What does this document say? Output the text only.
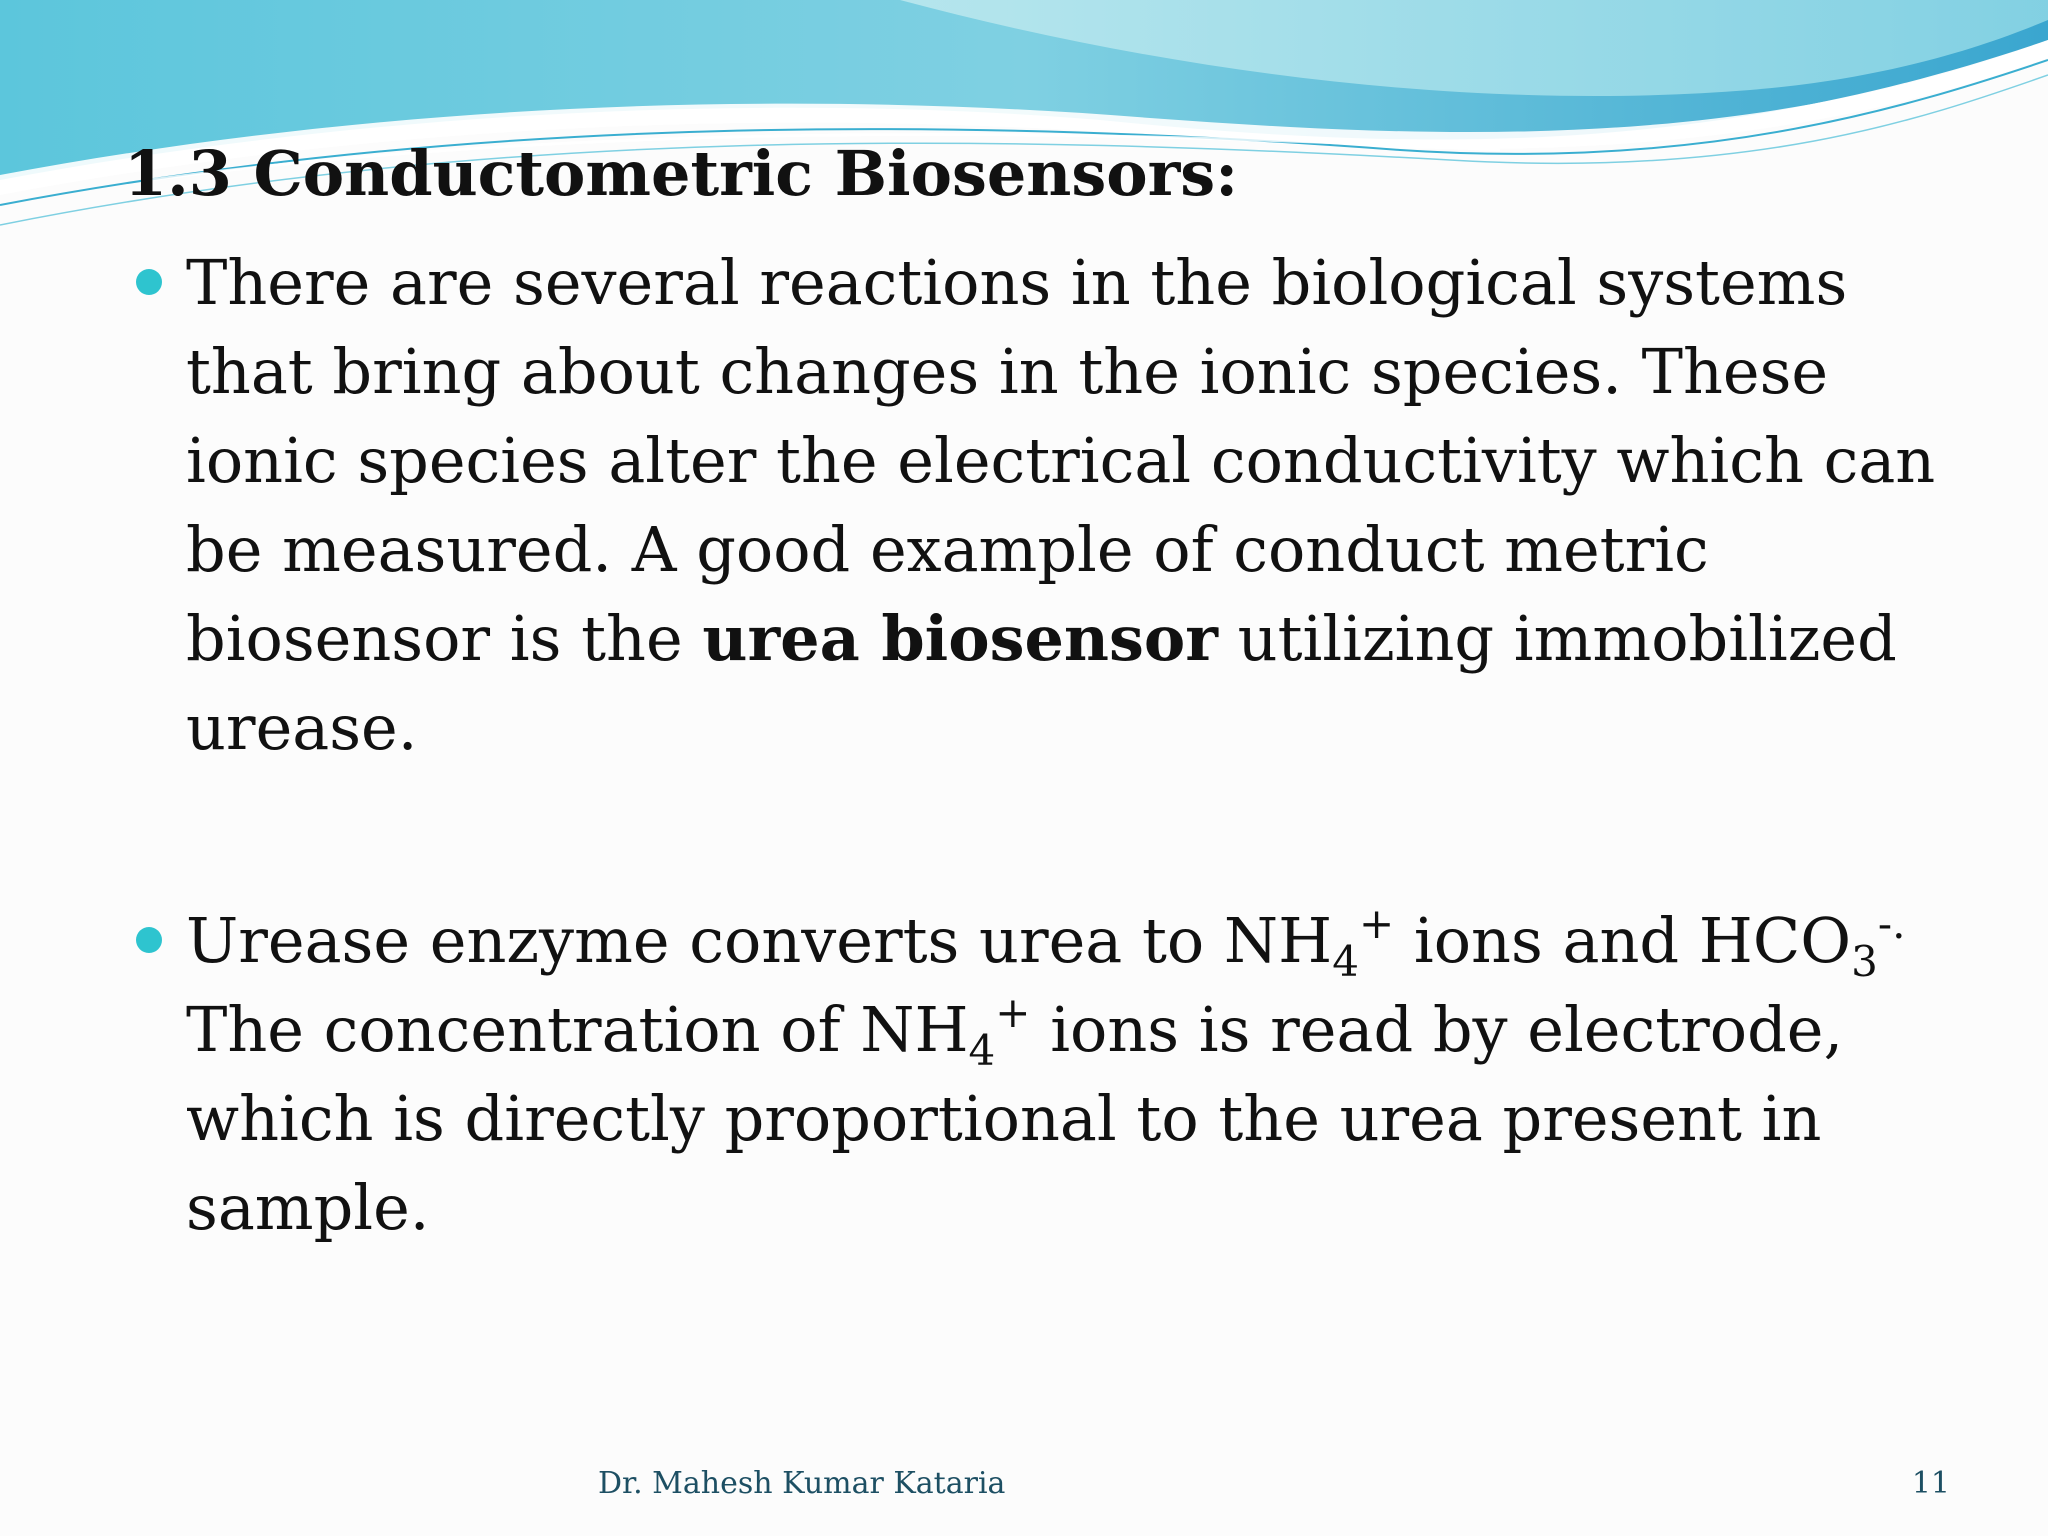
1.3 Conductometric Biosensors:
There are several reactions in the biological systems
that bring about changes in the ionic species. These
ionic species alter the electrical conductivity which can
be measured. A good example of conduct metric
biosensor is the urea biosensor utilizing immobilized
urease.
Urease enzyme converts urea to $NH_4^+$ ions and $HCO_3^{-.}$
The concentration of $NH_4^+$ ions is read by electrode,
which is directly proportional to the urea present in
sample.
Dr. Mahesh Kumar Kataria	11
